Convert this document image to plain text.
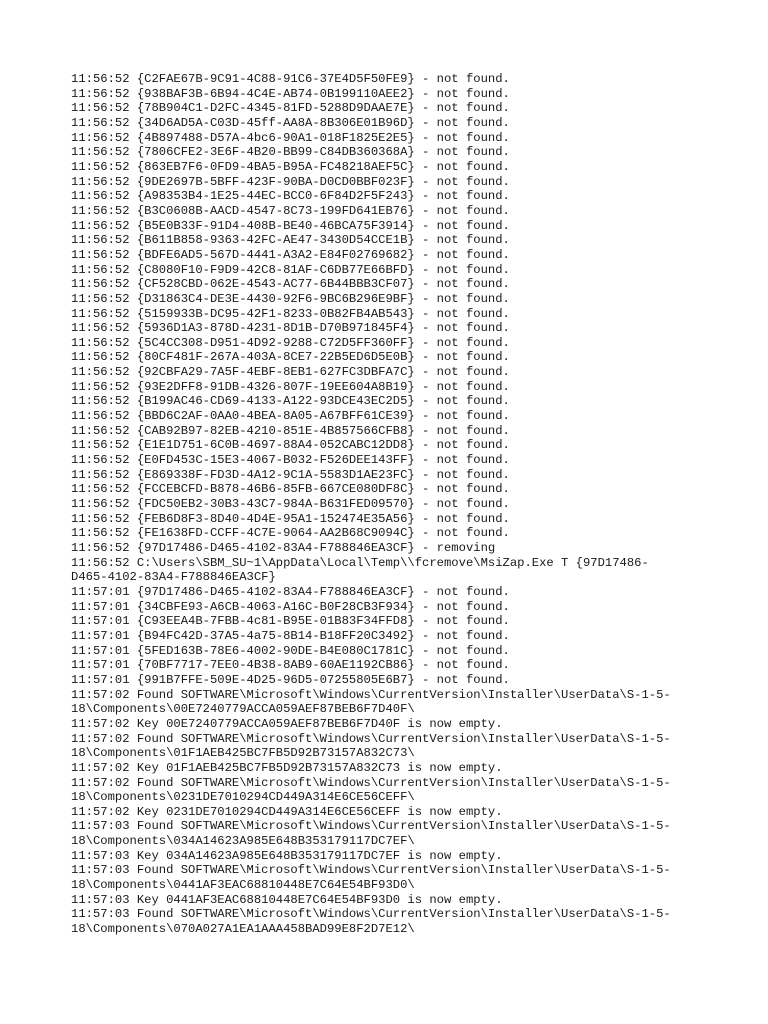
11:56:52 {C2FAE67B-9C91-4C88-91C6-37E4D5F50FE9} - not found.
11:56:52 {938BAF3B-6B94-4C4E-AB74-0B199110AEE2} - not found.
11:56:52 {78B904C1-D2FC-4345-81FD-5288D9DAAE7E} - not found.
11:56:52 {34D6AD5A-C03D-45ff-AA8A-8B306E01B96D} - not found.
11:56:52 {4B897488-D57A-4bc6-90A1-018F1825E2E5} - not found.
11:56:52 {7806CFE2-3E6F-4B20-BB99-C84DB360368A} - not found.
11:56:52 {863EB7F6-0FD9-4BA5-B95A-FC48218AEF5C} - not found.
11:56:52 {9DE2697B-5BFF-423F-90BA-D0CD0BBF023F} - not found.
11:56:52 {A98353B4-1E25-44EC-BCC0-6F84D2F5F243} - not found.
11:56:52 {B3C0608B-AACD-4547-8C73-199FD641EB76} - not found.
11:56:52 {B5E0B33F-91D4-408B-BE40-46BCA75F3914} - not found.
11:56:52 {B611B858-9363-42FC-AE47-3430D54CCE1B} - not found.
11:56:52 {BDFE6AD5-567D-4441-A3A2-E84F02769682} - not found.
11:56:52 {C8080F10-F9D9-42C8-81AF-C6DB77E66BFD} - not found.
11:56:52 {CF528CBD-062E-4543-AC77-6B44BBB3CF07} - not found.
11:56:52 {D31863C4-DE3E-4430-92F6-9BC6B296E9BF} - not found.
11:56:52 {5159933B-DC95-42F1-8233-0B82FB4AB543} - not found.
11:56:52 {5936D1A3-878D-4231-8D1B-D70B971845F4} - not found.
11:56:52 {5C4CC308-D951-4D92-9288-C72D5FF360FF} - not found.
11:56:52 {80CF481F-267A-403A-8CE7-22B5ED6D5E0B} - not found.
11:56:52 {92CBFA29-7A5F-4EBF-8EB1-627FC3DBFA7C} - not found.
11:56:52 {93E2DFF8-91DB-4326-807F-19EE604A8B19} - not found.
11:56:52 {B199AC46-CD69-4133-A122-93DCE43EC2D5} - not found.
11:56:52 {BBD6C2AF-0AA0-4BEA-8A05-A67BFF61CE39} - not found.
11:56:52 {CAB92B97-82EB-4210-851E-4B857566CFB8} - not found.
11:56:52 {E1E1D751-6C0B-4697-88A4-052CABC12DD8} - not found.
11:56:52 {E0FD453C-15E3-4067-B032-F526DEE143FF} - not found.
11:56:52 {E869338F-FD3D-4A12-9C1A-5583D1AE23FC} - not found.
11:56:52 {FCCEBCFD-B878-46B6-85FB-667CE080DF8C} - not found.
11:56:52 {FDC50EB2-30B3-43C7-984A-B631FED09570} - not found.
11:56:52 {FEB6D8F3-8D40-4D4E-95A1-152474E35A56} - not found.
11:56:52 {FE1638FD-CCFF-4C7E-9064-AA2B68C9094C} - not found.
11:56:52 {97D17486-D465-4102-83A4-F788846EA3CF} - removing
11:56:52 C:\Users\SBM_SU~1\AppData\Local\Temp\\fcremove\MsiZap.Exe T {97D17486-
D465-4102-83A4-F788846EA3CF}
11:57:01 {97D17486-D465-4102-83A4-F788846EA3CF} - not found.
11:57:01 {34CBFE93-A6CB-4063-A16C-B0F28CB3F934} - not found.
11:57:01 {C93EEA4B-7FBB-4c81-B95E-01B83F34FFD8} - not found.
11:57:01 {B94FC42D-37A5-4a75-8B14-B18FF20C3492} - not found.
11:57:01 {5FED163B-78E6-4002-90DE-B4E080C1781C} - not found.
11:57:01 {70BF7717-7EE0-4B38-8AB9-60AE1192CB86} - not found.
11:57:01 {991B7FFE-509E-4D25-96D5-07255805E6B7} - not found.
11:57:02 Found SOFTWARE\Microsoft\Windows\CurrentVersion\Installer\UserData\S-1-5-
18\Components\00E7240779ACCA059AEF87BEB6F7D40F\
11:57:02 Key 00E7240779ACCA059AEF87BEB6F7D40F is now empty.
11:57:02 Found SOFTWARE\Microsoft\Windows\CurrentVersion\Installer\UserData\S-1-5-
18\Components\01F1AEB425BC7FB5D92B73157A832C73\
11:57:02 Key 01F1AEB425BC7FB5D92B73157A832C73 is now empty.
11:57:02 Found SOFTWARE\Microsoft\Windows\CurrentVersion\Installer\UserData\S-1-5-
18\Components\0231DE7010294CD449A314E6CE56CEFF\
11:57:02 Key 0231DE7010294CD449A314E6CE56CEFF is now empty.
11:57:03 Found SOFTWARE\Microsoft\Windows\CurrentVersion\Installer\UserData\S-1-5-
18\Components\034A14623A985E648B353179117DC7EF\
11:57:03 Key 034A14623A985E648B353179117DC7EF is now empty.
11:57:03 Found SOFTWARE\Microsoft\Windows\CurrentVersion\Installer\UserData\S-1-5-
18\Components\0441AF3EAC68810448E7C64E54BF93D0\
11:57:03 Key 0441AF3EAC68810448E7C64E54BF93D0 is now empty.
11:57:03 Found SOFTWARE\Microsoft\Windows\CurrentVersion\Installer\UserData\S-1-5-
18\Components\070A027A1EA1AAA458BAD99E8F2D7E12\
